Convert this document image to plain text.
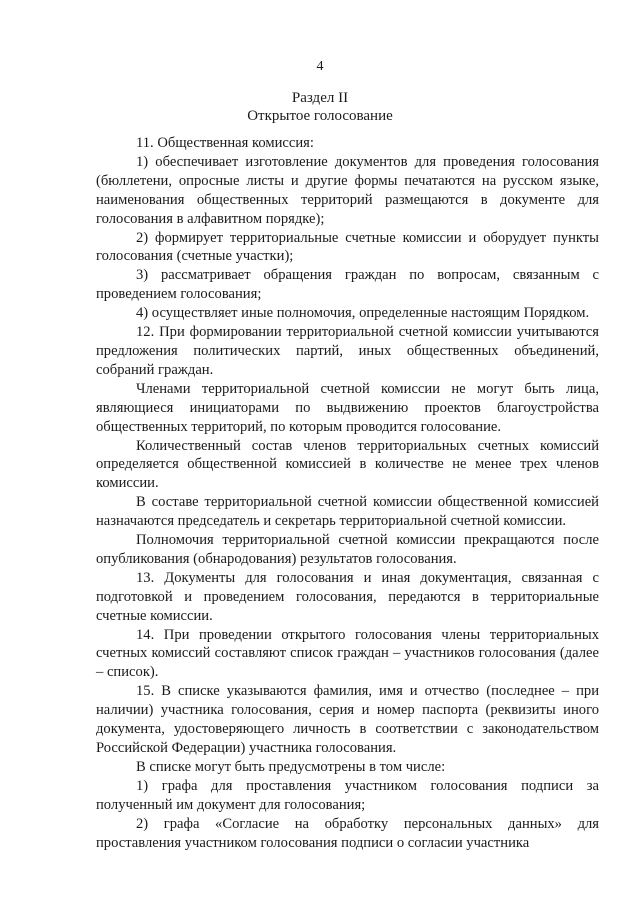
4
Раздел II
Открытое голосование

11. Общественная комиссия:

1) обеспечивает изготовление документов для проведения голосования (бюллетени, опросные листы и другие формы печатаются на русском языке, наименования общественных территорий размещаются в документе для голосования в алфавитном порядке);

2) формирует территориальные счетные комиссии и оборудует пункты голосования (счетные участки);

3) рассматривает обращения граждан по вопросам, связанным с проведением голосования;

4) осуществляет иные полномочия, определенные настоящим Порядком.

12. При формировании территориальной счетной комиссии учитываются предложения политических партий, иных общественных объединений, собраний граждан.

Членами территориальной счетной комиссии не могут быть лица, являющиеся инициаторами по выдвижению проектов благоустройства общественных территорий, по которым проводится голосование.

Количественный состав членов территориальных счетных комиссий определяется общественной комиссией в количестве не менее трех членов комиссии.

В составе территориальной счетной комиссии общественной комиссией назначаются председатель и секретарь территориальной счетной комиссии.

Полномочия территориальной счетной комиссии прекращаются после опубликования (обнародования) результатов голосования.

13. Документы для голосования и иная документация, связанная с подготовкой и проведением голосования, передаются в территориальные счетные комиссии.

14. При проведении открытого голосования члены территориальных счетных комиссий составляют список граждан – участников голосования (далее – список).

15. В списке указываются фамилия, имя и отчество (последнее – при наличии) участника голосования, серия и номер паспорта (реквизиты иного документа, удостоверяющего личность в соответствии с законодательством Российской Федерации) участника голосования.

В списке могут быть предусмотрены в том числе:

1) графа для проставления участником голосования подписи за полученный им документ для голосования;

2) графа «Согласие на обработку персональных данных» для проставления участником голосования подписи о согласии участника
